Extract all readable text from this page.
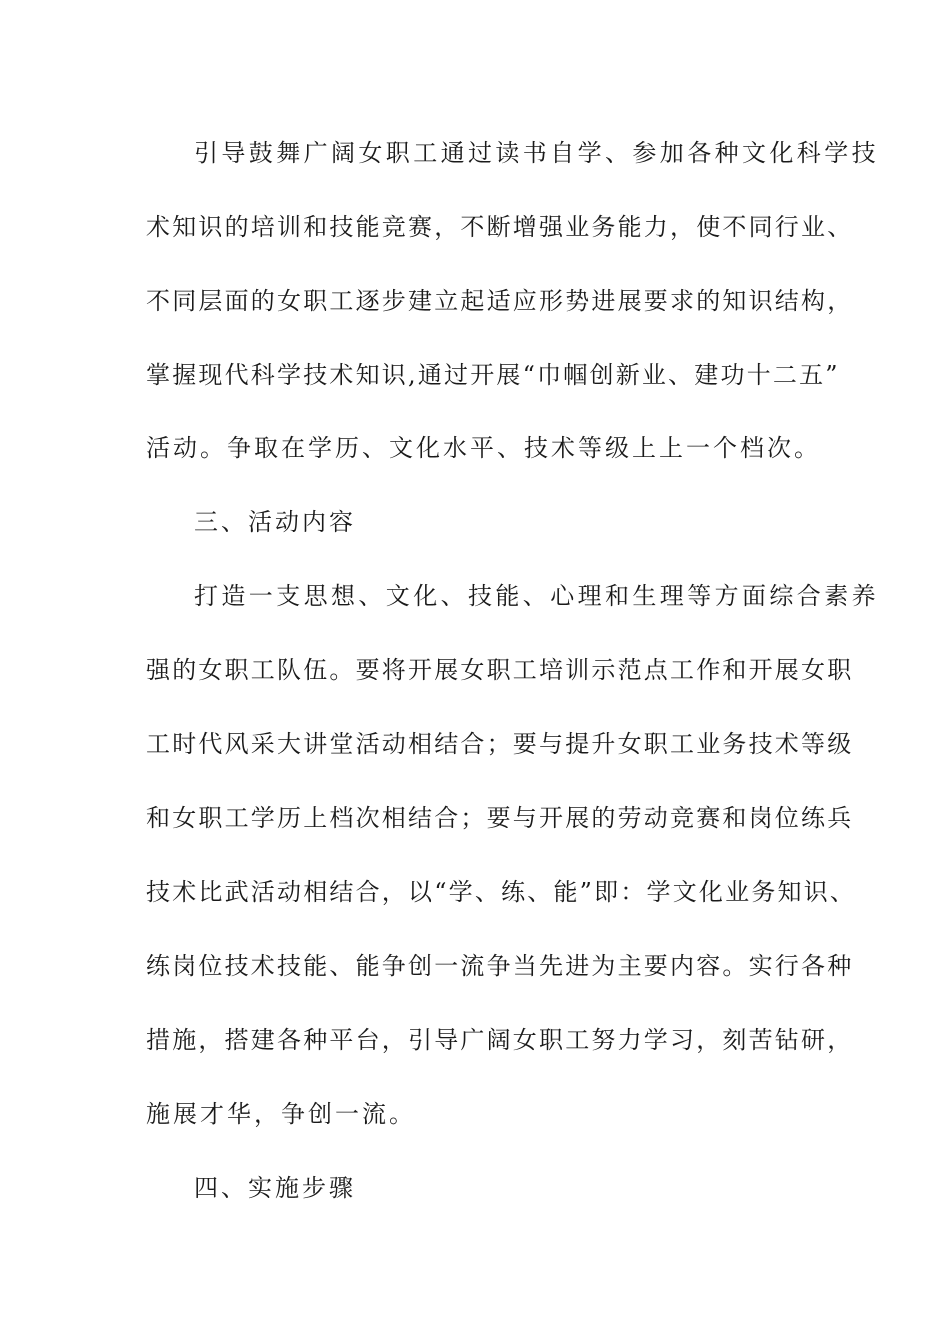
引导鼓舞广阔女职工通过读书自学、参加各种文化科学技

术知识的培训和技能竞赛，不断增强业务能力，使不同行业、

不同层面的女职工逐步建立起适应形势进展要求的知识结构，

掌握现代科学技术知识,通过开展“巾帼创新业、建功十二五”

活动。争取在学历、文化水平、技术等级上上一个档次。

三、活动内容

打造一支思想、文化、技能、心理和生理等方面综合素养

强的女职工队伍。要将开展女职工培训示范点工作和开展女职

工时代风采大讲堂活动相结合；要与提升女职工业务技术等级

和女职工学历上档次相结合；要与开展的劳动竞赛和岗位练兵

技术比武活动相结合，以“学、练、能”即：学文化业务知识、

练岗位技术技能、能争创一流争当先进为主要内容。实行各种

措施，搭建各种平台，引导广阔女职工努力学习，刻苦钻研，

施展才华，争创一流。

四、实施步骤
